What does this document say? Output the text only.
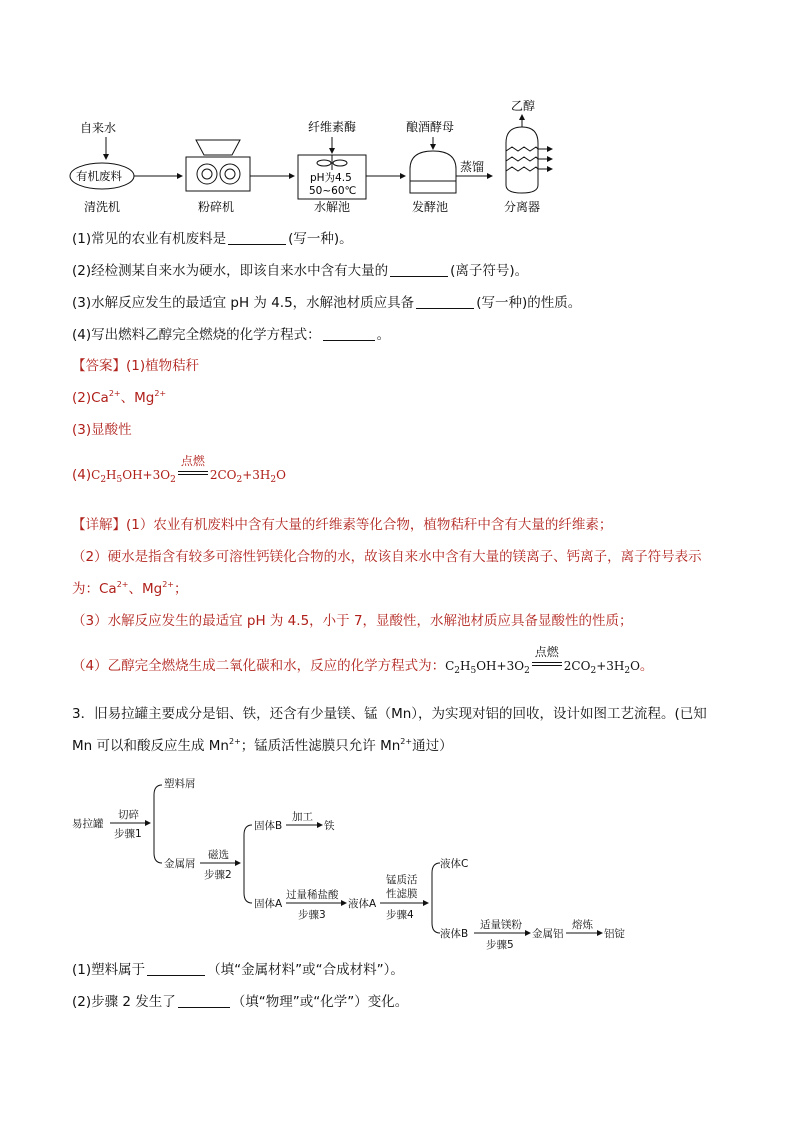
自来水
有机废料
纤维素酶
pH为4.5
50~60℃
酿酒酵母
蒸馏
乙醇
清洗机	粉碎机	水解池	发酵池	分离器
(1)常见的农业有机废料是	(写一种)。
(2)经检测某自来水为硬水，即该自来水中含有大量的	(离子符号)。
(3)水解反应发生的最适宜 pH 为 4.5，水解池材质应具备	(写一种)的性质。
(4)写出燃料乙醇完全燃烧的化学方程式：	。
【答案】(1)植物秸秆
$(2)Ca^{2+}$、$Mg^{2+}$
(3)显酸性
$(4)C_2H_5OH+3O_2$
点燃
$2CO_2+3H_2O$
【详解】(1）农业有机废料中含有大量的纤维素等化合物，植物秸秆中含有大量的纤维素；
（2）硬水是指含有较多可溶性钙镁化合物的水，故该自来水中含有大量的镁离子、钙离子，离子符号表示
为：$Ca^{2+}$、$Mg^{2+}$；
（3）水解反应发生的最适宜 pH 为 4.5，小于 7，显酸性，水解池材质应具备显酸性的性质；
（4）乙醇完全燃烧生成二氧化碳和水，反应的化学方程式为：$C_2H_5OH+3O_2$
点燃
$2CO_2+3H_2O$。
3．旧易拉罐主要成分是铝、铁，还含有少量镁、锰（Mn），为实现对铝的回收，设计如图工艺流程。(已知
Mn 可以和酸反应生成 $Mn^{2+}$；锰质活性滤膜只允许 $Mn^{2+}$通过）
易拉罐
切碎
步骤1
塑料屑
金属屑
磁选
步骤2
固体B
加工
铁
固体A
过量稀盐酸
步骤3
液体A
锰质活
性滤膜
步骤4
液体C
液体B
适量镁粉
步骤5
金属铝
熔炼
铝锭
(1)塑料属于	（填“金属材料”或“合成材料”）。
(2)步骤 2 发生了	（填“物理”或“化学”）变化。
